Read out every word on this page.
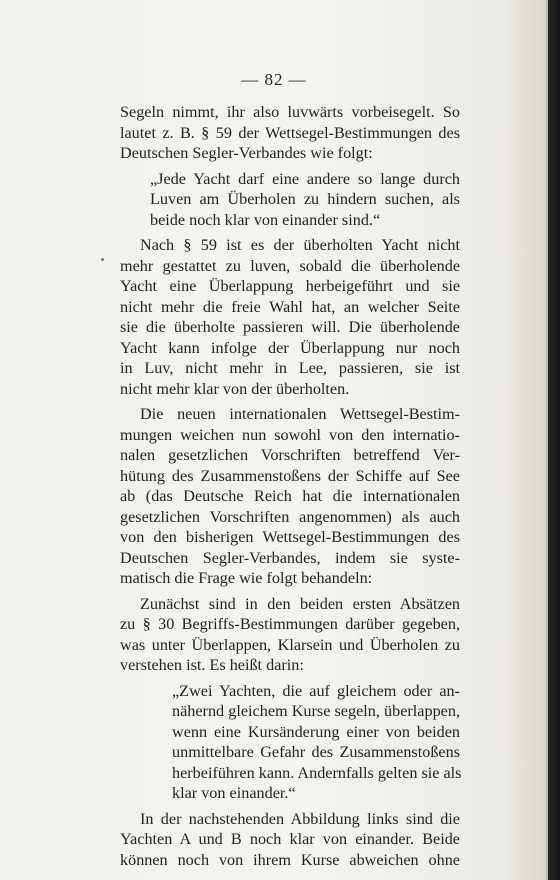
— 82 —
Segeln nimmt, ihr also luvwärts vorbeisegelt. So
lautet z. B. § 59 der Wettsegel-Bestimmungen des
Deutschen Segler-Verbandes wie folgt:
„Jede Yacht darf eine andere so lange durch
Luven am Überholen zu hindern suchen, als
beide noch klar von einander sind.“
Nach § 59 ist es der überholten Yacht nicht
mehr gestattet zu luven, sobald die überholende
Yacht eine Überlappung herbeigeführt und sie
nicht mehr die freie Wahl hat, an welcher Seite
sie die überholte passieren will. Die überholende
Yacht kann infolge der Überlappung nur noch
in Luv, nicht mehr in Lee, passieren, sie ist
nicht mehr klar von der überholten.
Die neuen internationalen Wettsegel-Bestim-
mungen weichen nun sowohl von den internatio-
nalen gesetzlichen Vorschriften betreffend Ver-
hütung des Zusammenstoßens der Schiffe auf See
ab (das Deutsche Reich hat die internationalen
gesetzlichen Vorschriften angenommen) als auch
von den bisherigen Wettsegel-Bestimmungen des
Deutschen Segler-Verbandes, indem sie syste-
matisch die Frage wie folgt behandeln:
Zunächst sind in den beiden ersten Absätzen
zu § 30 Begriffs-Bestimmungen darüber gegeben,
was unter Überlappen, Klarsein und Überholen zu
verstehen ist. Es heißt darin:
„Zwei Yachten, die auf gleichem oder an-
nähernd gleichem Kurse segeln, überlappen,
wenn eine Kursänderung einer von beiden
unmittelbare Gefahr des Zusammenstoßens
herbeiführen kann. Andernfalls gelten sie als
klar von einander.“
In der nachstehenden Abbildung links sind die
Yachten A und B noch klar von einander. Beide
können noch von ihrem Kurse abweichen ohne
